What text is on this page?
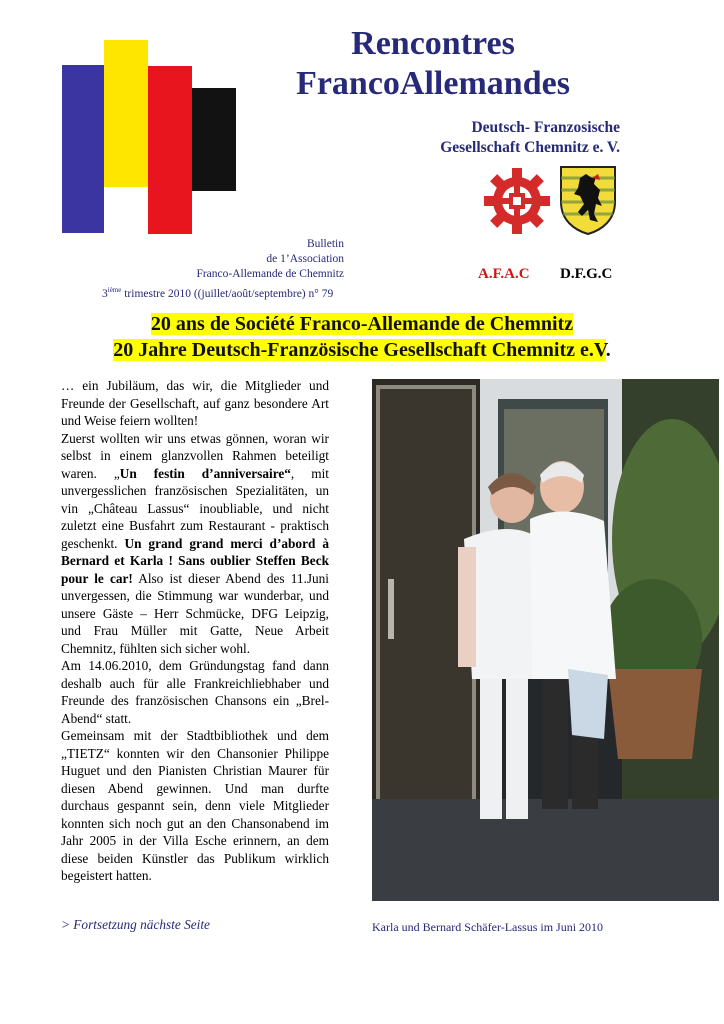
Rencontres
FrancoAllemandes
Deutsch- Franzosische
Gesellschaft Chemnitz e. V.
Bulletin
de 1’Association
Franco-Allemande de Chemnitz
3ième trimestre 2010 ((juillet/août/septembre) n° 79
A.F.A.C D.F.G.C
20 ans de Société Franco-Allemande de Chemnitz
20 Jahre Deutsch-Französische Gesellschaft Chemnitz e.V.

… ein Jubiläum, das wir, die Mitglieder und Freunde der Gesellschaft, auf ganz besondere Art und Weise feiern wollten!

Zuerst wollten wir uns etwas gönnen, woran wir selbst in einem glanzvollen Rahmen beteiligt waren. „Un festin d’anniversaire“, mit unvergesslichen französischen Spezialitäten, un vin „Château Lassus“ inoubliable, und nicht zuletzt eine Busfahrt zum Restaurant - praktisch geschenkt. Un grand grand merci d’abord à Bernard et Karla ! Sans oublier Steffen Beck pour le car! Also ist dieser Abend des 11.Juni unvergessen, die Stimmung war wunderbar, und unsere Gäste – Herr Schmücke, DFG Leipzig, und Frau Müller mit Gatte, Neue Arbeit Chemnitz, fühlten sich sicher wohl.

Am 14.06.2010, dem Gründungstag fand dann deshalb auch für alle Frankreichliebhaber und Freunde des französischen Chansons ein „Brel-Abend“ statt.

Gemeinsam mit der Stadtbibliothek und dem „TIETZ“ konnten wir den Chansonier Philippe Huguet und den Pianisten Christian Maurer für diesen Abend gewinnen. Und man durfte durchaus gespannt sein, denn viele Mitglieder konnten sich noch gut an den Chansonabend im Jahr 2005 in der Villa Esche erinnern, an dem diese beiden Künstler das Publikum wirklich begeistert hatten.

> Fortsetzung nächste Seite	Karla und Bernard Schäfer-Lassus im Juni 2010
